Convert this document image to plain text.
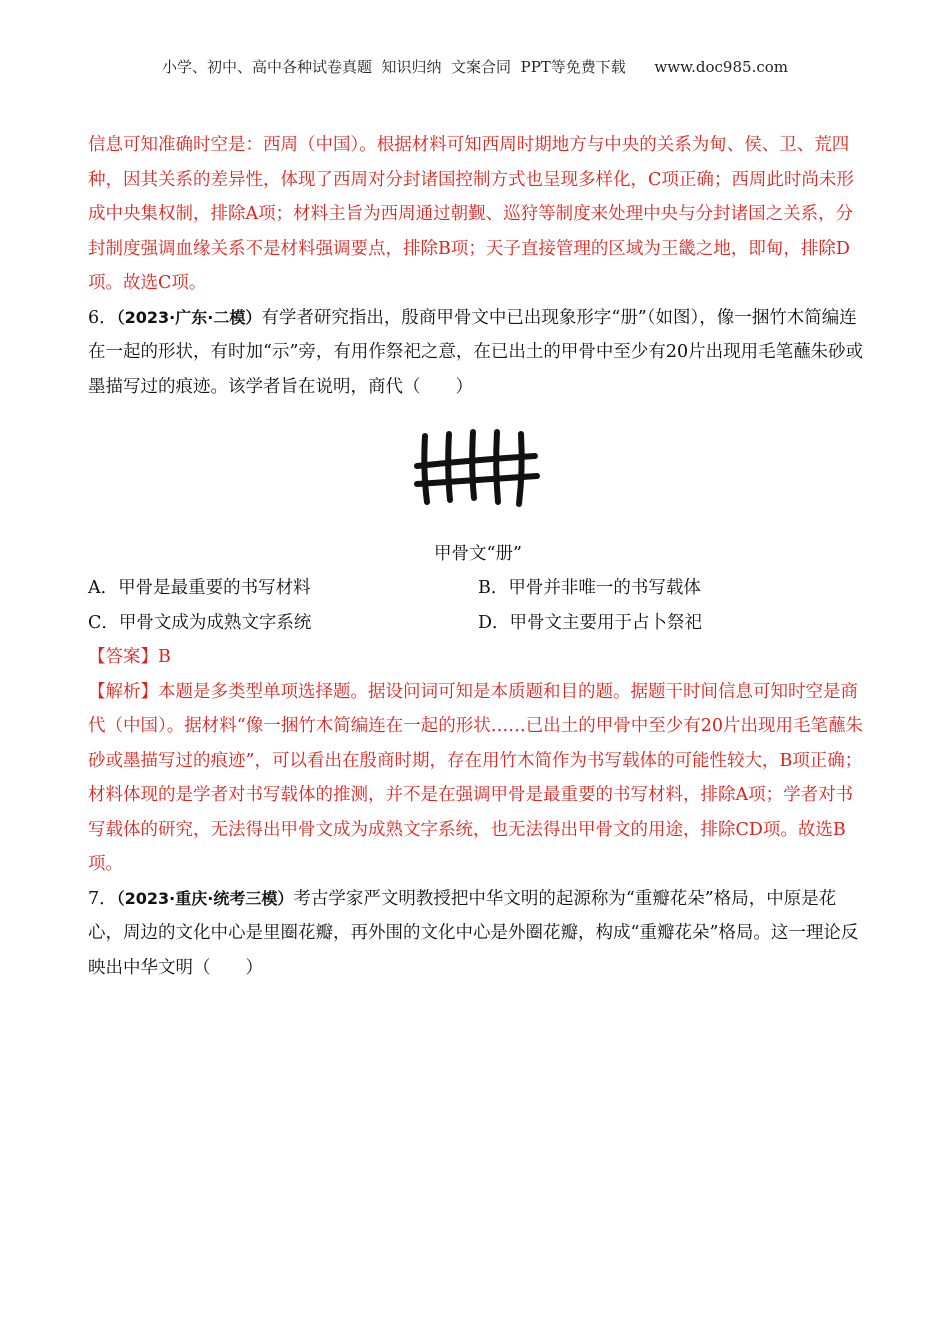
小学、初中、高中各种试卷真题  知识归纳  文案合同  PPT等免费下载      www.doc985.com

信息可知准确时空是：西周（中国）。根据材料可知西周时期地方与中央的关系为甸、侯、卫、荒四种，因其关系的差异性，体现了西周对分封诸国控制方式也呈现多样化，C项正确；西周此时尚未形成中央集权制，排除A项；材料主旨为西周通过朝觐、巡狩等制度来处理中央与分封诸国之关系，分封制度强调血缘关系不是材料强调要点，排除B项；天子直接管理的区域为王畿之地，即甸，排除D项。故选C项。

6．（2023·广东·二模）有学者研究指出，殷商甲骨文中已出现象形字“册”（如图），像一捆竹木简编连在一起的形状，有时加“示”旁，有用作祭祀之意，在已出土的甲骨中至少有20片出现用毛笔蘸朱砂或墨描写过的痕迹。该学者旨在说明，商代（　　）

甲骨文“册”
A．甲骨是最重要的书写材料	B．甲骨并非唯一的书写载体
C．甲骨文成为成熟文字系统	D．甲骨文主要用于占卜祭祀

【答案】B

【解析】本题是多类型单项选择题。据设问词可知是本质题和目的题。据题干时间信息可知时空是商代（中国）。据材料“像一捆竹木简编连在一起的形状……已出土的甲骨中至少有20片出现用毛笔蘸朱砂或墨描写过的痕迹”，可以看出在殷商时期，存在用竹木简作为书写载体的可能性较大，B项正确；材料体现的是学者对书写载体的推测，并不是在强调甲骨是最重要的书写材料，排除A项；学者对书写载体的研究，无法得出甲骨文成为成熟文字系统，也无法得出甲骨文的用途，排除CD项。故选B项。

7．（2023·重庆·统考三模）考古学家严文明教授把中华文明的起源称为“重瓣花朵”格局，中原是花心，周边的文化中心是里圈花瓣，再外围的文化中心是外圈花瓣，构成“重瓣花朵”格局。这一理论反映出中华文明（　　）
